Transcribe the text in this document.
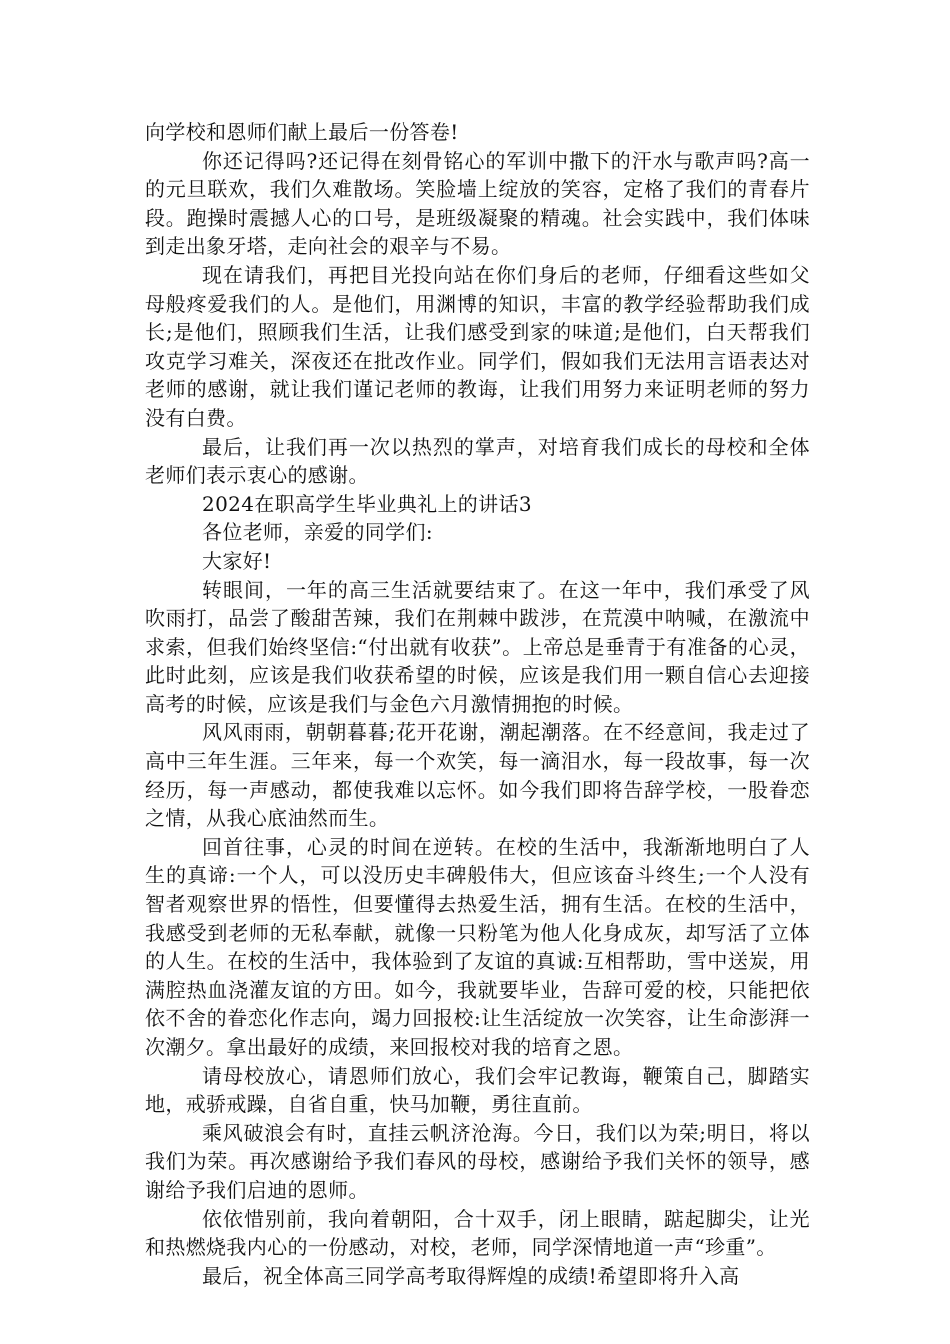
向学校和恩师们献上最后一份答卷!

你还记得吗?还记得在刻骨铭心的军训中撒下的汗水与歌声吗?高一的元旦联欢，我们久难散场。笑脸墙上绽放的笑容，定格了我们的青春片段。跑操时震撼人心的口号，是班级凝聚的精魂。社会实践中，我们体味到走出象牙塔，走向社会的艰辛与不易。

现在请我们，再把目光投向站在你们身后的老师，仔细看这些如父母般疼爱我们的人。是他们，用渊博的知识，丰富的教学经验帮助我们成长;是他们，照顾我们生活，让我们感受到家的味道;是他们，白天帮我们攻克学习难关，深夜还在批改作业。同学们，假如我们无法用言语表达对老师的感谢，就让我们谨记老师的教诲，让我们用努力来证明老师的努力没有白费。

最后，让我们再一次以热烈的掌声，对培育我们成长的母校和全体老师们表示衷心的感谢。

2024在职高学生毕业典礼上的讲话3

各位老师，亲爱的同学们:

大家好!

转眼间，一年的高三生活就要结束了。在这一年中，我们承受了风吹雨打，品尝了酸甜苦辣，我们在荆棘中跋涉，在荒漠中呐喊，在激流中求索，但我们始终坚信:“付出就有收获”。上帝总是垂青于有准备的心灵，此时此刻，应该是我们收获希望的时候，应该是我们用一颗自信心去迎接高考的时候，应该是我们与金色六月激情拥抱的时候。

风风雨雨，朝朝暮暮;花开花谢，潮起潮落。在不经意间，我走过了高中三年生涯。三年来，每一个欢笑，每一滴泪水，每一段故事，每一次经历，每一声感动，都使我难以忘怀。如今我们即将告辞学校，一股眷恋之情，从我心底油然而生。

回首往事，心灵的时间在逆转。在校的生活中，我渐渐地明白了人生的真谛:一个人，可以没历史丰碑般伟大，但应该奋斗终生;一个人没有智者观察世界的悟性，但要懂得去热爱生活，拥有生活。在校的生活中，我感受到老师的无私奉献，就像一只粉笔为他人化身成灰，却写活了立体的人生。在校的生活中，我体验到了友谊的真诚:互相帮助，雪中送炭，用满腔热血浇灌友谊的方田。如今，我就要毕业，告辞可爱的校，只能把依依不舍的眷恋化作志向，竭力回报校:让生活绽放一次笑容，让生命澎湃一次潮夕。拿出最好的成绩，来回报校对我的培育之恩。

请母校放心，请恩师们放心，我们会牢记教诲，鞭策自己，脚踏实地，戒骄戒躁，自省自重，快马加鞭，勇往直前。

乘风破浪会有时，直挂云帆济沧海。今日，我们以为荣;明日，将以我们为荣。再次感谢给予我们春风的母校，感谢给予我们关怀的领导，感谢给予我们启迪的恩师。

依依惜别前，我向着朝阳，合十双手，闭上眼睛，踮起脚尖，让光和热燃烧我内心的一份感动，对校，老师，同学深情地道一声“珍重”。

最后，祝全体高三同学高考取得辉煌的成绩!希望即将升入高
